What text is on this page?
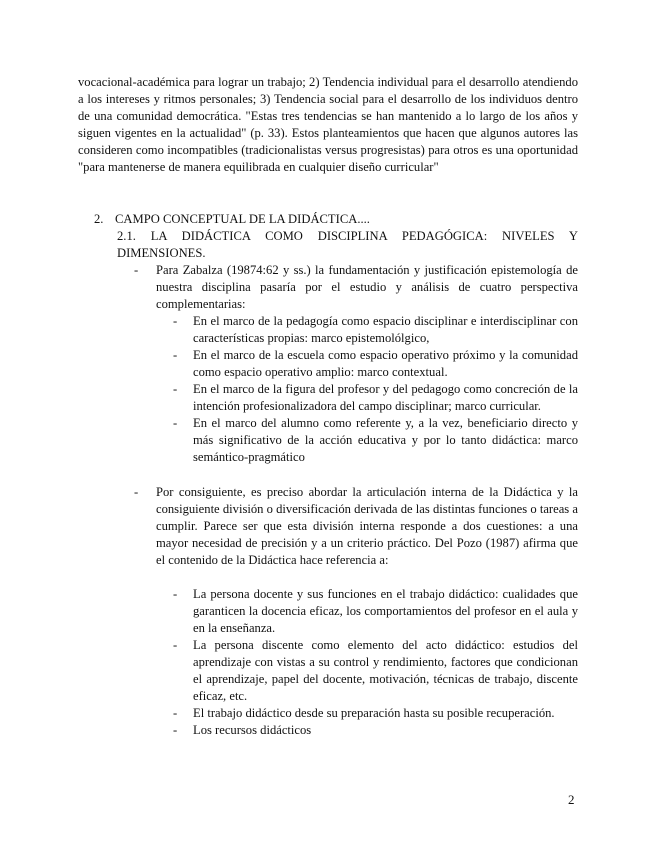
vocacional-académica para lograr un trabajo; 2) Tendencia individual para el desarrollo atendiendo a los intereses y ritmos personales; 3) Tendencia social para el desarrollo de los individuos dentro de una comunidad democrática. "Estas tres tendencias se han mantenido a lo largo de los años y siguen vigentes en la actualidad" (p. 33). Estos planteamientos que hacen que algunos autores las consideren como incompatibles (tradicionalistas versus progresistas) para otros es una oportunidad "para mantenerse de manera equilibrada en cualquier diseño curricular"

2. CAMPO CONCEPTUAL DE LA DIDÁCTICA....
2.1. LA DIDÁCTICA COMO DISCIPLINA PEDAGÓGICA: NIVELES Y DIMENSIONES.
- Para Zabalza (19874:62 y ss.) la fundamentación y justificación epistemología de nuestra disciplina pasaría por el estudio y análisis de cuatro perspectiva complementarias:
- En el marco de la pedagogía como espacio disciplinar e interdisciplinar con características propias: marco epistemolólgico,
- En el marco de la escuela como espacio operativo próximo y la comunidad como espacio operativo amplio: marco contextual.
- En el marco de la figura del profesor y del pedagogo como concreción de la intención profesionalizadora del campo disciplinar; marco curricular.
- En el marco del alumno como referente y, a la vez, beneficiario directo y más significativo de la acción educativa y por lo tanto didáctica: marco semántico-pragmático
- Por consiguiente, es preciso abordar la articulación interna de la Didáctica y la consiguiente división o diversificación derivada de las distintas funciones o tareas a cumplir. Parece ser que esta división interna responde a dos cuestiones: a una mayor necesidad de precisión y a un criterio práctico. Del Pozo (1987) afirma que el contenido de la Didáctica hace referencia a:
- La persona docente y sus funciones en el trabajo didáctico: cualidades que garanticen la docencia eficaz, los comportamientos del profesor en el aula y en la enseñanza.
- La persona discente como elemento del acto didáctico: estudios del aprendizaje con vistas a su control y rendimiento, factores que condicionan el aprendizaje, papel del docente, motivación, técnicas de trabajo, discente eficaz, etc.
- El trabajo didáctico desde su preparación hasta su posible recuperación.
- Los recursos didácticos
2
